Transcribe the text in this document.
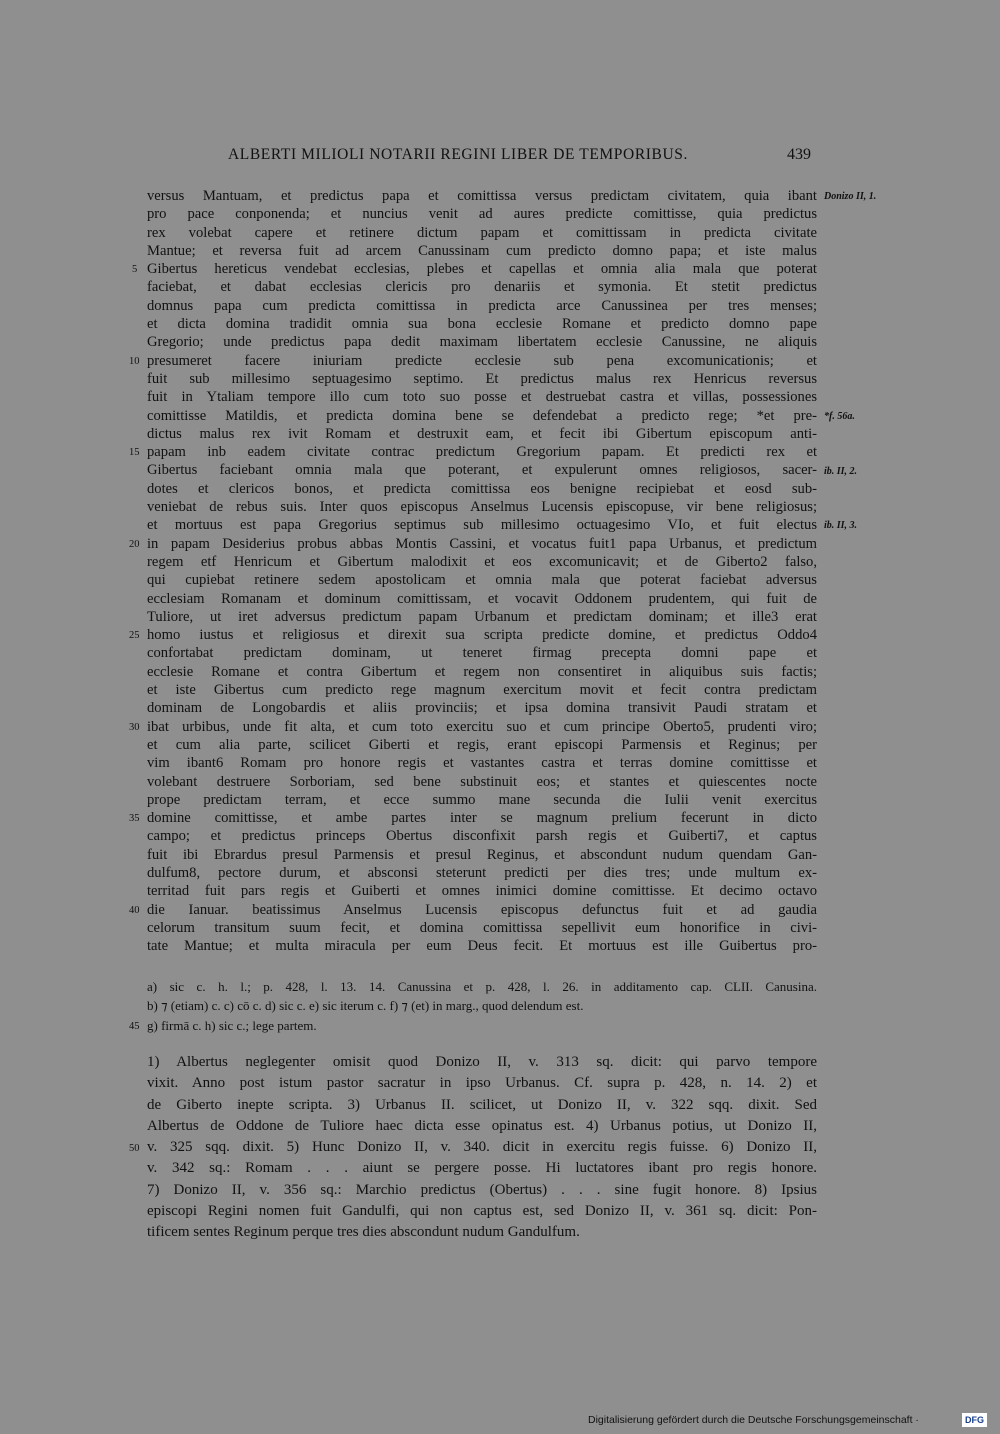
ALBERTI MILIOLI NOTARII REGINI LIBER DE TEMPORIBUS.	439
versus Mantuam, et predictus papa et comittissa versus predictam civitatem, quia ibant
pro pace conponenda; et nuncius venit ad aures predicte comittisse, quia predictus
rex volebat capere et retinere dictum papam et comittissam in predicta civitate
Mantue; et reversa fuit ad arcem Canussinam cum predicto domno papa; et iste malus
Gibertus hereticus vendebat ecclesias, plebes et capellas et omnia alia mala que poterat
faciebat, et dabat ecclesias clericis pro denariis et symonia. Et stetit predictus
domnus papa cum predicta comittissa in predicta arce Canussinea per tres menses;
et dicta domina tradidit omnia sua bona ecclesie Romane et predicto domno pape
Gregorio; unde predictus papa dedit maximam libertatem ecclesie Canussine, ne aliquis
presumeret facere iniuriam predicte ecclesie sub pena excomunicationis; et
fuit sub millesimo septuagesimo septimo. Et predictus malus rex Henricus reversus
fuit in Ytaliam tempore illo cum toto suo posse et destruebat castra et villas, possessiones
comittisse Matildis, et predicta domina bene se defendebat a predicto rege; *et pre-
dictus malus rex ivit Romam et destruxit eam, et fecit ibi Gibertum episcopum anti-
papam inb eadem civitate contrac predictum Gregorium papam. Et predicti rex et
Gibertus faciebant omnia mala que poterant, et expulerunt omnes religiosos, sacer-
dotes et clericos bonos, et predicta comittissa eos benigne recipiebat et eosd sub-
veniebat de rebus suis. Inter quos episcopus Anselmus Lucensis episcopuse, vir bene religiosus;
et mortuus est papa Gregorius septimus sub millesimo octuagesimo VIo, et fuit electus
in papam Desiderius probus abbas Montis Cassini, et vocatus fuit1 papa Urbanus, et predictum
regem etf Henricum et Gibertum malodixit et eos excomunicavit; et de Giberto2 falso,
qui cupiebat retinere sedem apostolicam et omnia mala que poterat faciebat adversus
ecclesiam Romanam et dominum comittissam, et vocavit Oddonem prudentem, qui fuit de
Tuliore, ut iret adversus predictum papam Urbanum et predictam dominam; et ille3 erat
homo iustus et religiosus et direxit sua scripta predicte domine, et predictus Oddo4
confortabat predictam dominam, ut teneret firmag precepta domni pape et
ecclesie Romane et contra Gibertum et regem non consentiret in aliquibus suis factis;
et iste Gibertus cum predicto rege magnum exercitum movit et fecit contra predictam
dominam de Longobardis et aliis provinciis; et ipsa domina transivit Paudi stratam et
ibat urbibus, unde fit alta, et cum toto exercitu suo et cum principe Oberto5, prudenti viro;
et cum alia parte, scilicet Giberti et regis, erant episcopi Parmensis et Reginus; per
vim ibant6 Romam pro honore regis et vastantes castra et terras domine comittisse et
volebant destruere Sorboriam, sed bene substinuit eos; et stantes et quiescentes nocte
prope predictam terram, et ecce summo mane secunda die Iulii venit exercitus
domine comittisse, et ambe partes inter se magnum prelium fecerunt in dicto
campo; et predictus princeps Obertus disconfixit parsh regis et Guiberti7, et captus
fuit ibi Ebrardus presul Parmensis et presul Reginus, et abscondunt nudum quendam Gan-
dulfum8, pectore durum, et absconsi steterunt predicti per dies tres; unde multum ex-
territad fuit pars regis et Guiberti et omnes inimici domine comittisse. Et decimo octavo
die Ianuar. beatissimus Anselmus Lucensis episcopus defunctus fuit et ad gaudia
celorum transitum suum fecit, et domina comittissa sepellivit eum honorifice in civi-
tate Mantue; et multa miracula per eum Deus fecit. Et mortuus est ille Guibertus pro-
5
10
15
20
25
30
35
40
Donizo II, 1.
*f. 56a.
ib. II, 2.
ib. II, 3.
a) sic c. h. l.; p. 428, l. 13. 14. Canussina et p. 428, l. 26. in additamento cap. CLII. Canusina.
b) ⁊ (etiam) c. c) cō c. d) sic c. e) sic iterum c. f) ⁊ (et) in marg., quod delendum est.
g) firmā c. h) sic c.; lege partem.
1) Albertus neglegenter omisit quod Donizo II, v. 313 sq. dicit: qui parvo tempore
vixit. Anno post istum pastor sacratur in ipso Urbanus. Cf. supra p. 428, n. 14. 2) et
de Giberto inepte scripta. 3) Urbanus II. scilicet, ut Donizo II, v. 322 sqq. dixit. Sed
Albertus de Oddone de Tuliore haec dicta esse opinatus est. 4) Urbanus potius, ut Donizo II,
v. 325 sqq. dixit. 5) Hunc Donizo II, v. 340. dicit in exercitu regis fuisse. 6) Donizo II,
v. 342 sq.: Romam . . . aiunt se pergere posse. Hi luctatores ibant pro regis honore.
7) Donizo II, v. 356 sq.: Marchio predictus (Obertus) . . . sine fugit honore. 8) Ipsius
episcopi Regini nomen fuit Gandulfi, qui non captus est, sed Donizo II, v. 361 sq. dicit: Pon-
tificem sentes Reginum perque tres dies abscondunt nudum Gandulfum.
50
Digitalisierung gefördert durch die Deutsche Forschungsgemeinschaft ·	DFG
45
